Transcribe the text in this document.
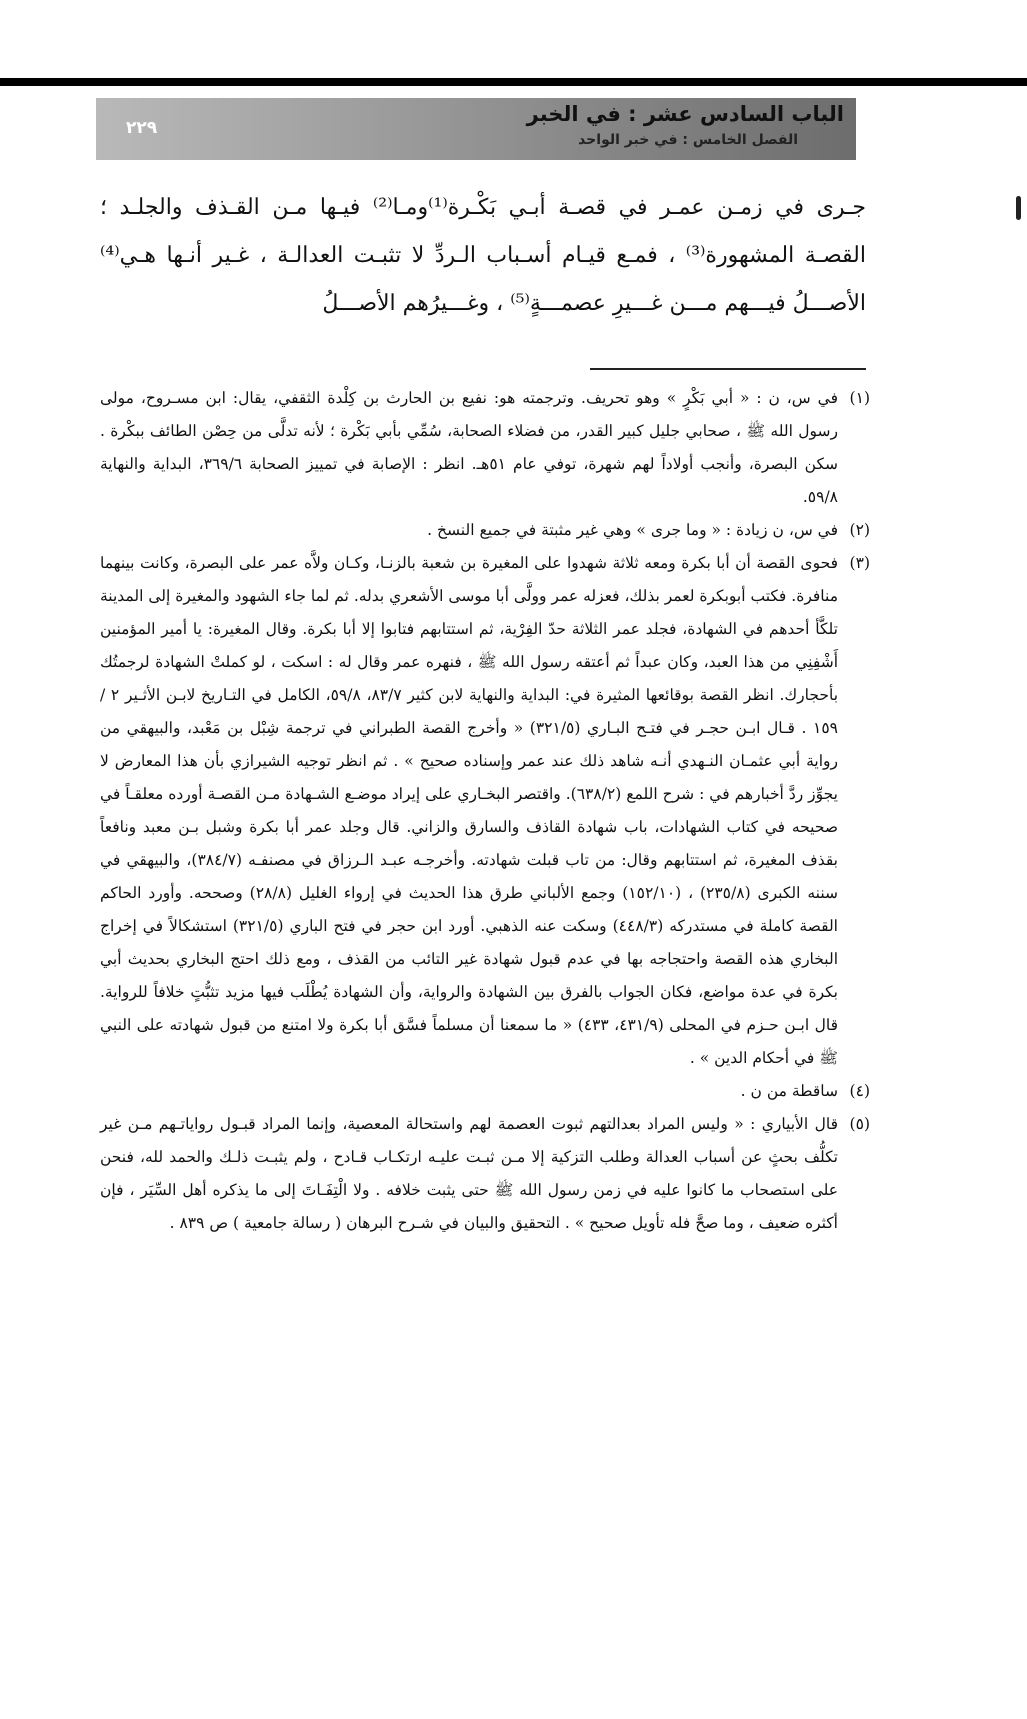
٢٢٩
الباب السادس عشر : في الخبر
الفصل الخامس : في خبر الواحد

جـرى في زمـن عمـر في قصـة أبـي بَكْـرة⁽¹⁾ومـا⁽²⁾ فيـها مـن القـذف والجلـد ؛ القصـة المشهورة⁽³⁾ ، فمـع قيـام أسـباب الـردِّ لا تثبـت العدالـة ، غـير أنـها هـي⁽⁴⁾ الأصـــلُ فيـــهم مـــن غـــيرِ عصمـــةٍ⁽⁵⁾ ، وغـــيرُهم الأصـــلُ

(١)في س، ن : « أبي بَكْرٍ » وهو تحريف. وترجمته هو: نفيع بن الحارث بن كِلْدة الثقفي، يقال: ابن مسـروح، مولى رسول الله ﷺ ، صحابي جليل كبير القدر، من فضلاء الصحابة، سُمِّي بأبي بَكْرة ؛ لأنه تدلَّى من حِصْن الطائف ببكْرة . سكن البصرة، وأنجب أولاداً لهم شهرة، توفي عام ٥١هـ. انظر : الإصابة في تمييز الصحابة ٣٦٩/٦، البداية والنهاية ٥٩/٨.

(٢)في س، ن زيادة : « وما جرى » وهي غير مثبتة في جميع النسخ .

(٣)فحوى القصة أن أبا بكرة ومعه ثلاثة شهدوا على المغيرة بن شعبة بالزنـا، وكـان ولاَّه عمر على البصرة، وكانت بينهما منافرة. فكتب أبوبكرة لعمر بذلك، فعزله عمر وولَّى أبا موسى الأشعري بدله. ثم لما جاء الشهود والمغيرة إلى المدينة تلكَّأ أحدهم في الشهادة، فجلد عمر الثلاثة حدّ الفِرْية، ثم استتابهم فتابوا إلا أبا بكرة. وقال المغيرة: يا أمير المؤمنين أَشْفِنِي من هذا العبد، وكان عبداً ثم أعتقه رسول الله ﷺ ، فنهره عمر وقال له : اسكت ، لو كملتْ الشهادة لرجمتُك بأحجارك. انظر القصة بوقائعها المثيرة في: البداية والنهاية لابن كثير ٨٣/٧، ٥٩/٨، الكامل في التـاريخ لابـن الأثـير ٢ / ١٥٩ . قـال ابـن حجـر في فتـح البـاري (٣٢١/٥) « وأخرج القصة الطبراني في ترجمة شِبْل بن مَعْبد، والبيهقي من رواية أبي عثمـان النـهدي أنـه شاهد ذلك عند عمر وإسناده صحيح » . ثم انظر توجيه الشيرازي بأن هذا المعارض لا يجوِّز ردَّ أخبارهم في : شرح اللمع (٦٣٨/٢). واقتصر البخـاري على إيراد موضـع الشـهادة مـن القصـة أورده معلقـاً في صحيحه في كتاب الشهادات، باب شهادة القاذف والسارق والزاني. قال وجلد عمر أبا بكرة وشبل بـن معبد ونافعاً بقذف المغيرة، ثم استتابهم وقال: من تاب قبلت شهادته. وأخرجـه عبـد الـرزاق في مصنفـه (٣٨٤/٧)، والبيهقي في سننه الكبرى (٢٣٥/٨) ، (١٥٢/١٠) وجمع الألباني طرق هذا الحديث في إرواء الغليل (٢٨/٨) وصححه. وأورد الحاكم القصة كاملة في مستدركه (٤٤٨/٣) وسكت عنه الذهبي. أورد ابن حجر في فتح الباري (٣٢١/٥) استشكالاً في إخراج البخاري هذه القصة واحتجاجه بها في عدم قبول شهادة غير التائب من القذف ، ومع ذلك احتج البخاري بحديث أبي بكرة في عدة مواضع، فكان الجواب بالفرق بين الشهادة والرواية، وأن الشهادة يُطْلَب فيها مزيد تثبُّتٍ خلافاً للرواية. قال ابـن حـزم في المحلى (٤٣١/٩، ٤٣٣) « ما سمعنا أن مسلماً فسَّق أبا بكرة ولا امتنع من قبول شهادته على النبي ﷺ في أحكام الدين » .

(٤)ساقطة من ن .

(٥)قال الأبياري : « وليس المراد بعدالتهم ثبوت العصمة لهم واستحالة المعصية، وإنما المراد قبـول رواياتـهم مـن غير تكلُّف بحثٍ عن أسباب العدالة وطلب التزكية إلا مـن ثبـت عليـه ارتكـاب قـادح ، ولم يثبـت ذلـك والحمد لله، فنحن على استصحاب ما كانوا عليه في زمن رسول الله ﷺ حتى يثبت خلافه . ولا الْتِفَـاتَ إلى ما يذكره أهل السِّيَر ، فإن أكثره ضعيف ، وما صحَّ فله تأويل صحيح » . التحقيق والبيان في شـرح البرهان ( رسالة جامعية ) ص ٨٣٩ .
